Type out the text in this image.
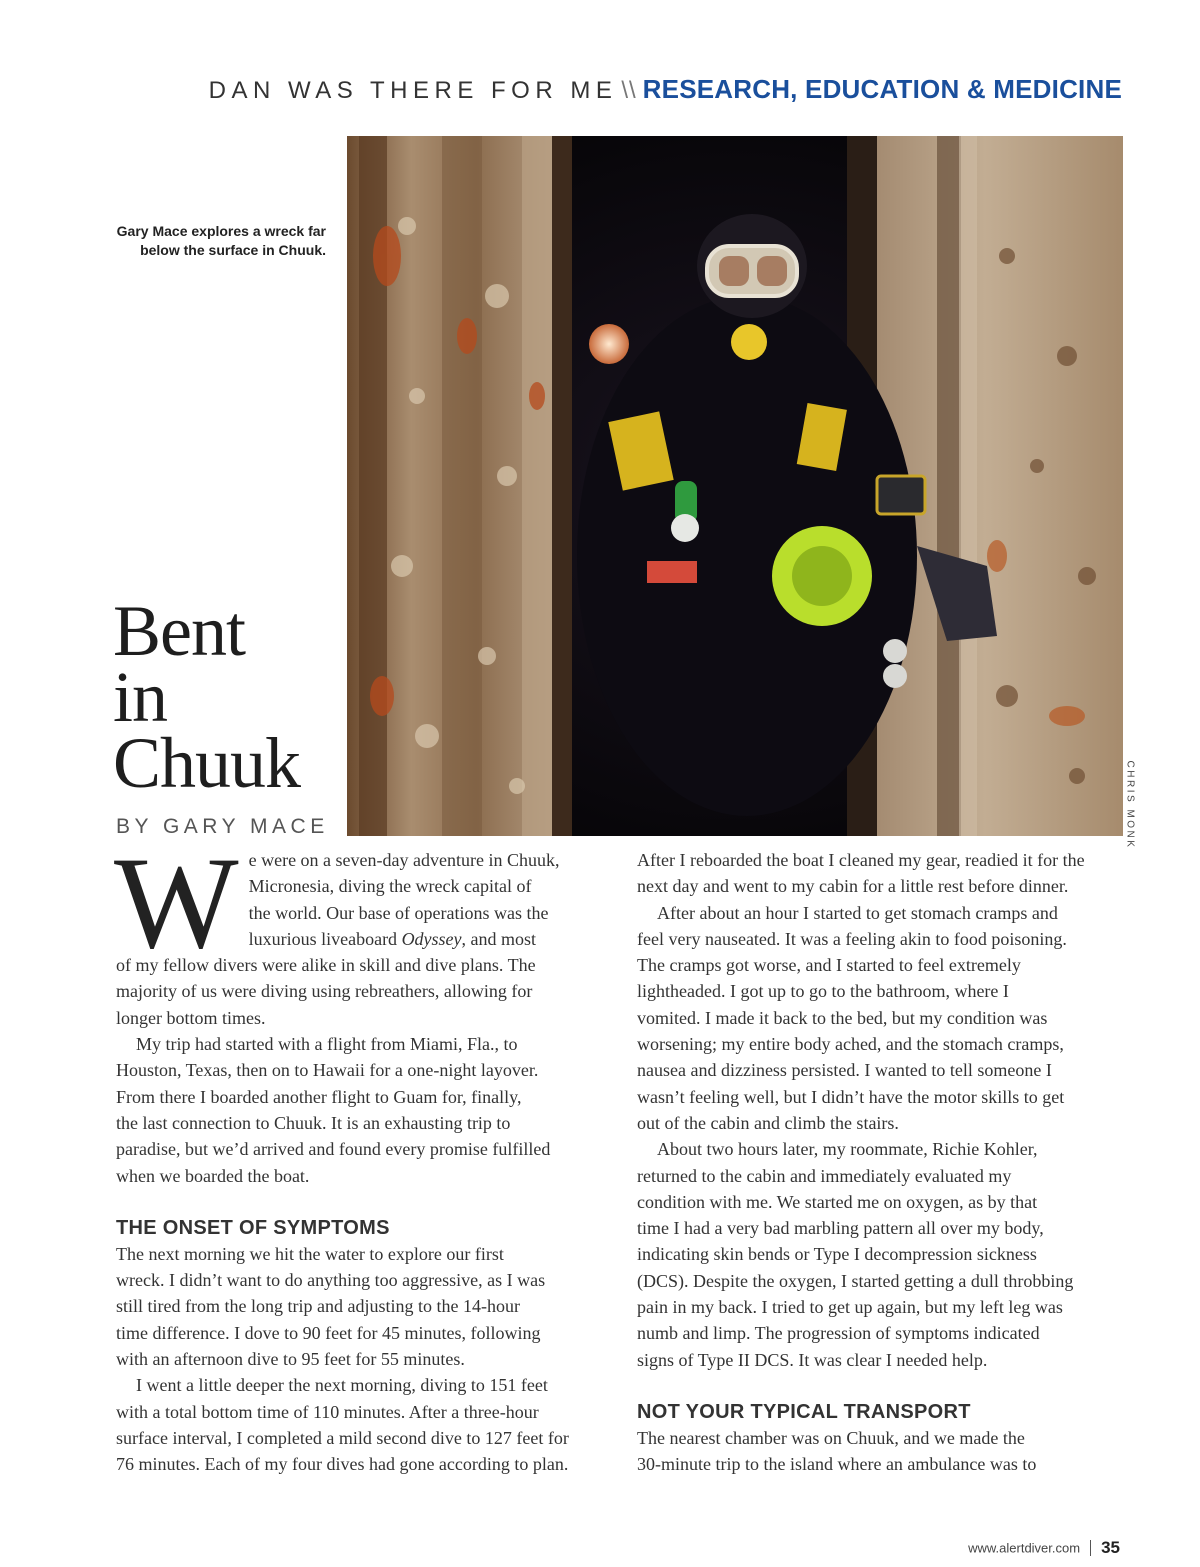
DAN WAS THERE FOR ME \\ RESEARCH, EDUCATION & MEDICINE
Gary Mace explores a wreck far
below the surface in Chuuk.
CHRIS MONK
Bent
in
Chuuk
BY GARY MACE

W e were on a seven-day adventure in Chuuk,
Micronesia, diving the wreck capital of
the world. Our base of operations was the
luxurious liveaboard Odyssey, and most
of my fellow divers were alike in skill and dive plans. The
majority of us were diving using rebreathers, allowing for
longer bottom times.

My trip had started with a flight from Miami, Fla., to
Houston, Texas, then on to Hawaii for a one-night layover.
From there I boarded another flight to Guam for, finally,
the last connection to Chuuk. It is an exhausting trip to
paradise, but we’d arrived and found every promise fulfilled
when we boarded the boat.

THE ONSET OF SYMPTOMS

The next morning we hit the water to explore our first
wreck. I didn’t want to do anything too aggressive, as I was
still tired from the long trip and adjusting to the 14-hour
time difference. I dove to 90 feet for 45 minutes, following
with an afternoon dive to 95 feet for 55 minutes.

I went a little deeper the next morning, diving to 151 feet
with a total bottom time of 110 minutes. After a three-hour
surface interval, I completed a mild second dive to 127 feet for
76 minutes. Each of my four dives had gone according to plan.

After I reboarded the boat I cleaned my gear, readied it for the
next day and went to my cabin for a little rest before dinner.

After about an hour I started to get stomach cramps and
feel very nauseated. It was a feeling akin to food poisoning.
The cramps got worse, and I started to feel extremely
lightheaded. I got up to go to the bathroom, where I
vomited. I made it back to the bed, but my condition was
worsening; my entire body ached, and the stomach cramps,
nausea and dizziness persisted. I wanted to tell someone I
wasn’t feeling well, but I didn’t have the motor skills to get
out of the cabin and climb the stairs.

About two hours later, my roommate, Richie Kohler,
returned to the cabin and immediately evaluated my
condition with me. We started me on oxygen, as by that
time I had a very bad marbling pattern all over my body,
indicating skin bends or Type I decompression sickness
(DCS). Despite the oxygen, I started getting a dull throbbing
pain in my back. I tried to get up again, but my left leg was
numb and limp. The progression of symptoms indicated
signs of Type II DCS. It was clear I needed help.

NOT YOUR TYPICAL TRANSPORT

The nearest chamber was on Chuuk, and we made the
30-minute trip to the island where an ambulance was to

www.alertdiver.com 35
